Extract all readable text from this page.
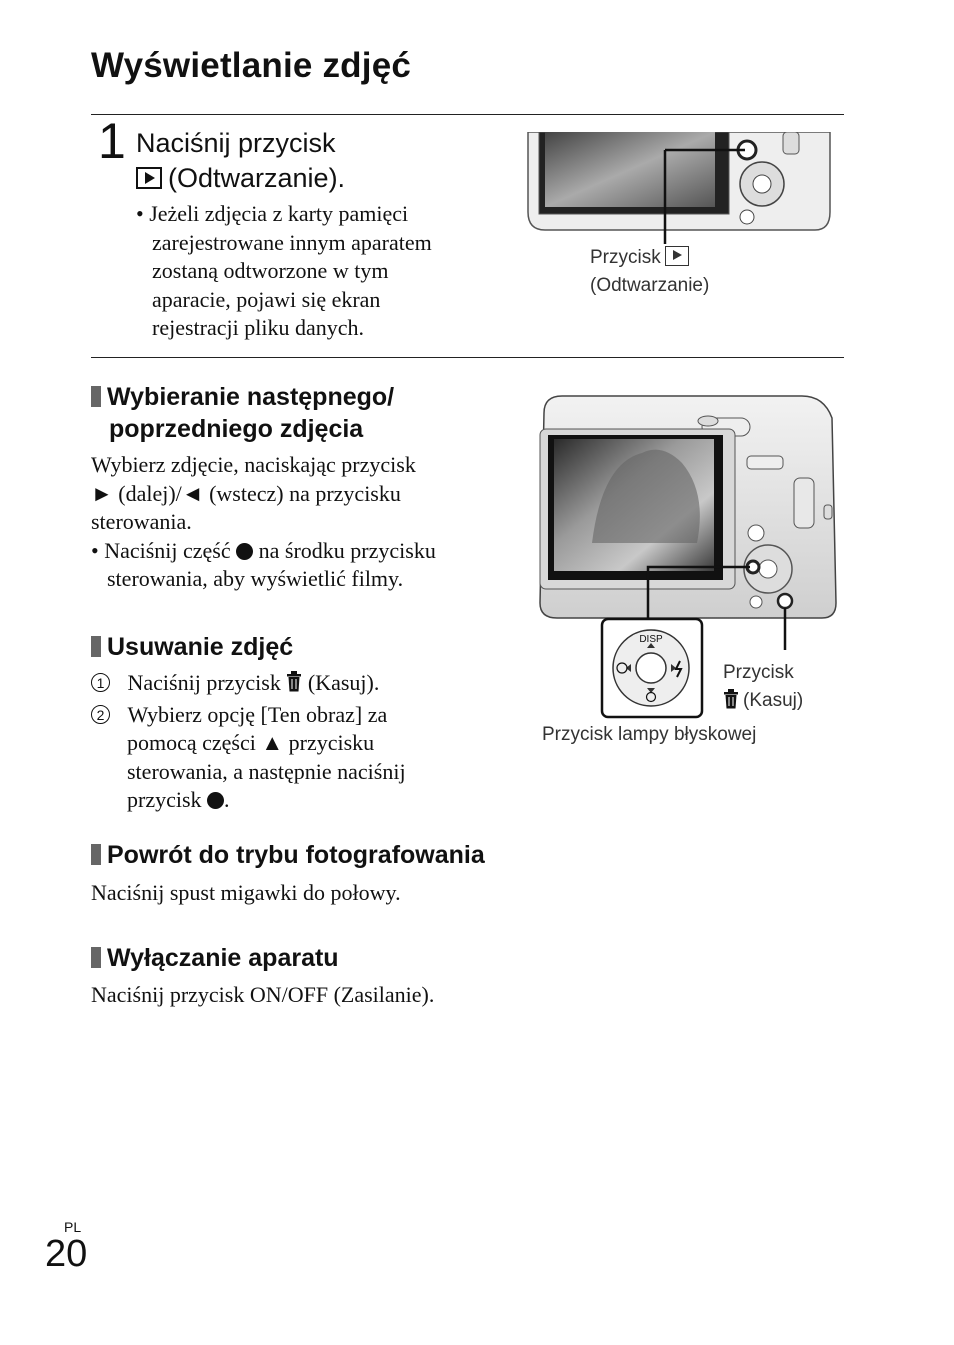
Wyświetlanie zdjęć
1 Naciśnij przycisk
(Odtwarzanie).
• Jeżeli zdjęcia z karty pamięci
zarejestrowane innym aparatem
zostaną odtworzone w tym
aparacie, pojawi się ekran
rejestracji pliku danych.
Przycisk
(Odtwarzanie)
Wybieranie następnego/
poprzedniego zdjęcia
Wybierz zdjęcie, naciskając przycisk
► (dalej)/◄ (wstecz) na przycisku
sterowania.
• Naciśnij część na środku przycisku
sterowania, aby wyświetlić filmy.
DISP
Przycisk
(Kasuj)
Przycisk lampy błyskowej
Usuwanie zdjęć
1 Naciśnij przycisk (Kasuj).
2 Wybierz opcję [Ten obraz] za
pomocą części ▲ przycisku
sterowania, a następnie naciśnij
przycisk .
Powrót do trybu fotografowania
Naciśnij spust migawki do połowy.
Wyłączanie aparatu
Naciśnij przycisk ON/OFF (Zasilanie).
PL
20
